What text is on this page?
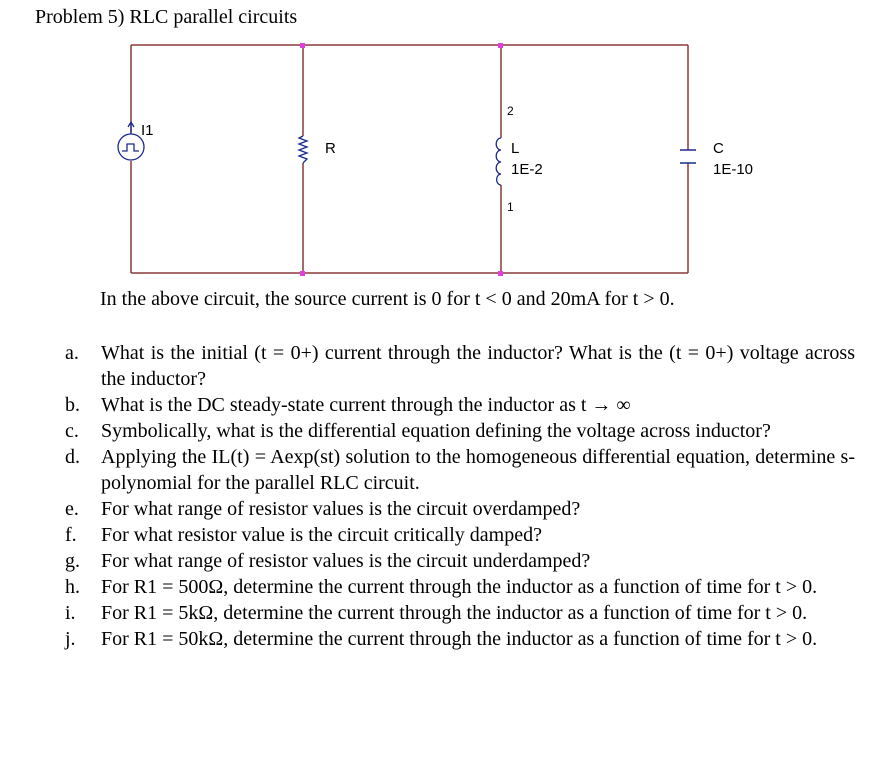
Problem 5) RLC parallel circuits
I1
R
2
1
L
1E-2
C
1E-10
In the above circuit, the source current is 0 for t < 0 and 20mA for t > 0.
a.	What is the initial (t = 0+) current through the inductor? What is the (t = 0+) voltage across the inductor?
b.	What is the DC steady-state current through the inductor as t → ∞
c.	Symbolically, what is the differential equation defining the voltage across inductor?
d.	Applying the IL(t) = Aexp(st) solution to the homogeneous differential equation, determine s-polynomial for the parallel RLC circuit.
e.	For what range of resistor values is the circuit overdamped?
f.	For what resistor value is the circuit critically damped?
g.	For what range of resistor values is the circuit underdamped?
h.	For R1 = 500Ω, determine the current through the inductor as a function of time for t > 0.
i.	For R1 = 5kΩ, determine the current through the inductor as a function of time for t > 0.
j.	For R1 = 50kΩ, determine the current through the inductor as a function of time for t > 0.
